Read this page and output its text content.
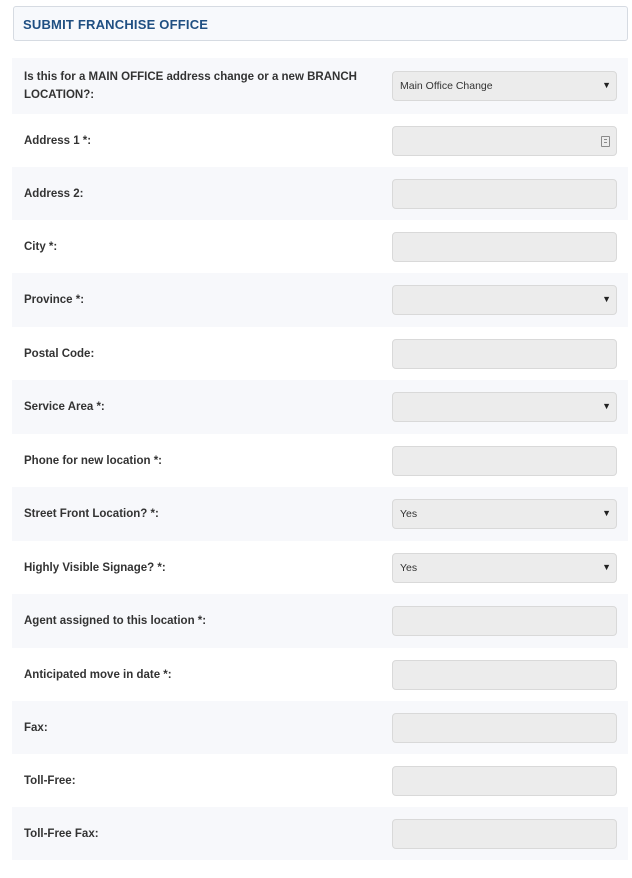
SUBMIT FRANCHISE OFFICE
Is this for a MAIN OFFICE address change or a new BRANCH LOCATION?:
Main Office Change	▼
Address 1 *:
Address 2:
City *:
Province *:	▼
Postal Code:
Service Area *:	▼
Phone for new location *:
Street Front Location? *:	Yes	▼
Highly Visible Signage? *:	Yes	▼
Agent assigned to this location *:
Anticipated move in date *:
Fax:
Toll-Free:
Toll-Free Fax:
